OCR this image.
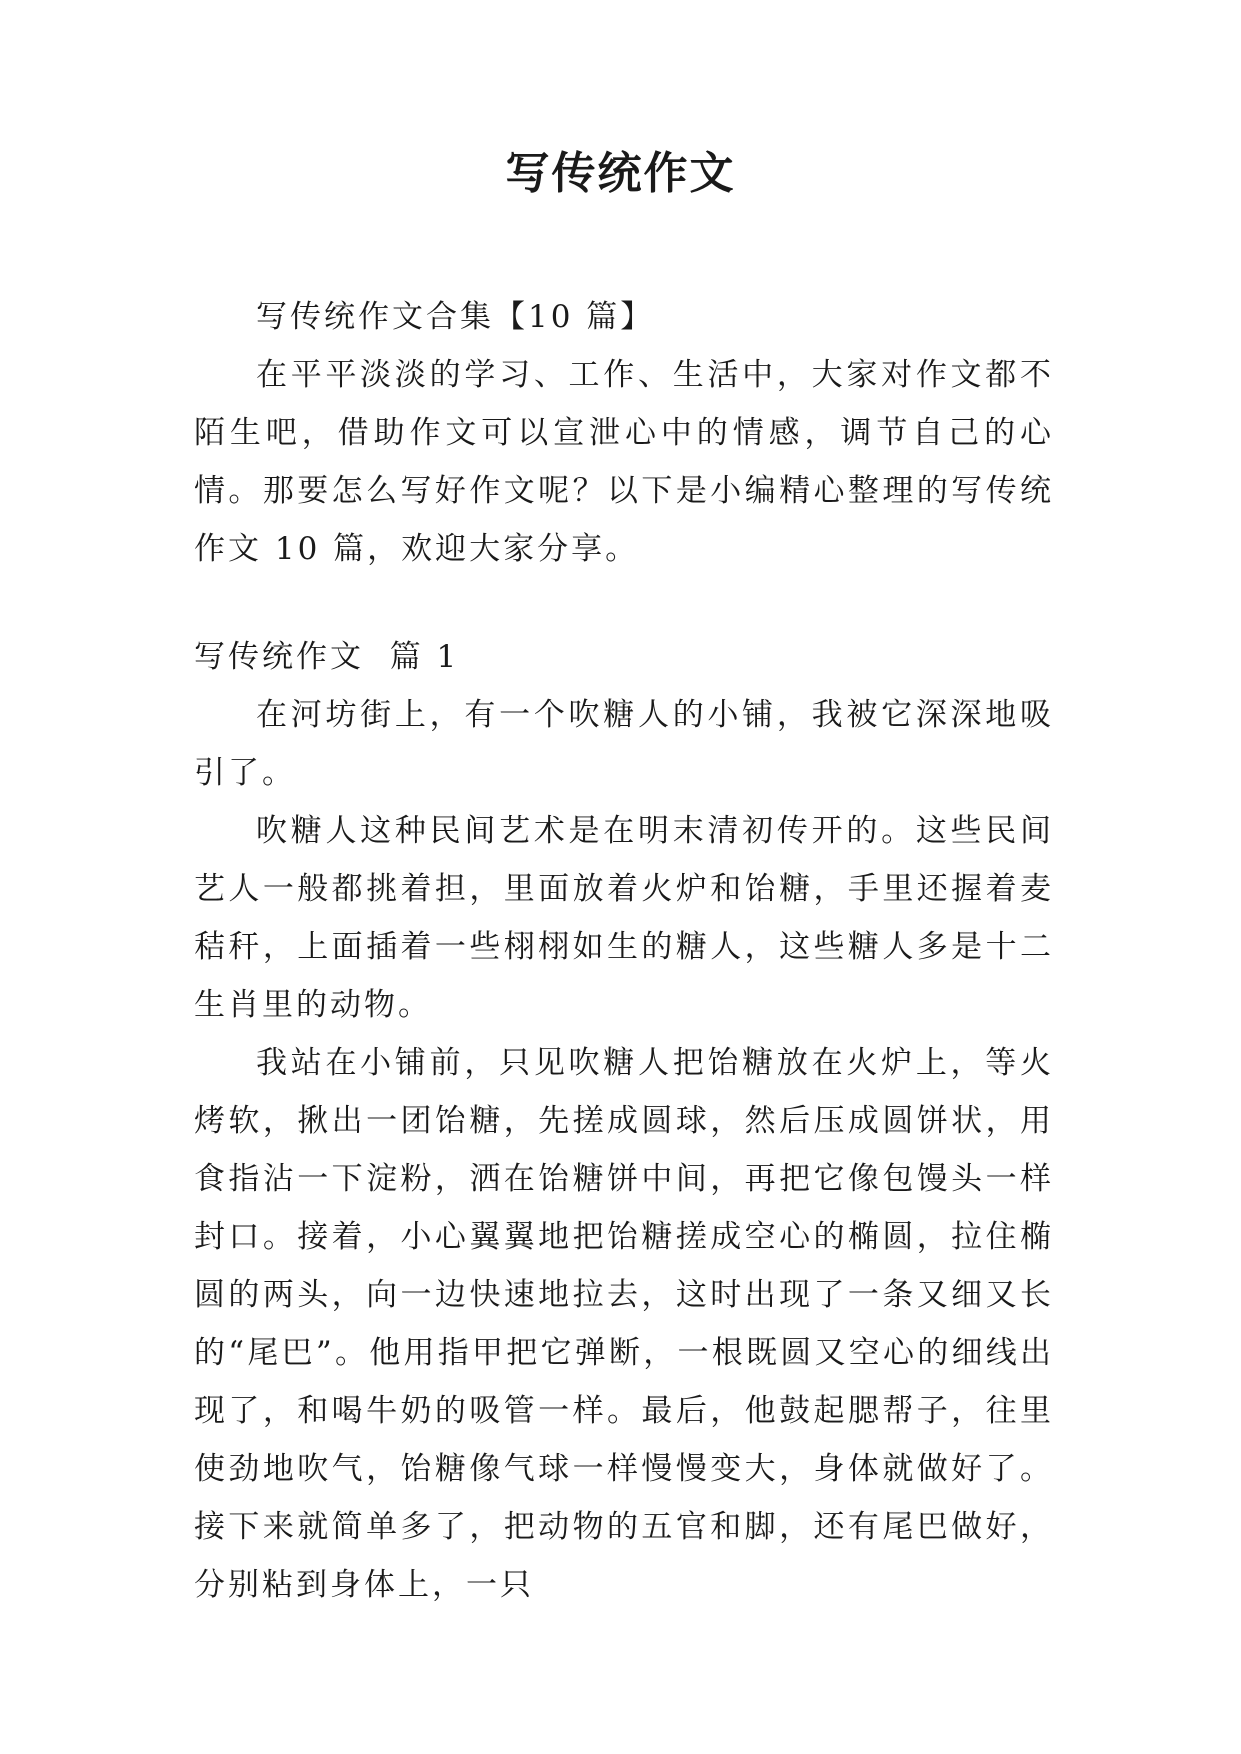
写传统作文

写传统作文合集【10 篇】

在平平淡淡的学习、工作、生活中，大家对作文都不陌生吧，借助作文可以宣泄心中的情感，调节自己的心情。那要怎么写好作文呢？以下是小编精心整理的写传统作文 10 篇，欢迎大家分享。

写传统作文  篇 1

在河坊街上，有一个吹糖人的小铺，我被它深深地吸引了。

吹糖人这种民间艺术是在明末清初传开的。这些民间艺人一般都挑着担，里面放着火炉和饴糖，手里还握着麦秸秆，上面插着一些栩栩如生的糖人，这些糖人多是十二生肖里的动物。

我站在小铺前，只见吹糖人把饴糖放在火炉上，等火烤软，揪出一团饴糖，先搓成圆球，然后压成圆饼状，用食指沾一下淀粉，洒在饴糖饼中间，再把它像包馒头一样封口。接着，小心翼翼地把饴糖搓成空心的椭圆，拉住椭圆的两头，向一边快速地拉去，这时出现了一条又细又长的“尾巴”。他用指甲把它弹断，一根既圆又空心的细线出现了，和喝牛奶的吸管一样。最后，他鼓起腮帮子，往里使劲地吹气，饴糖像气球一样慢慢变大，身体就做好了。接下来就简单多了，把动物的五官和脚，还有尾巴做好，分别粘到身体上，一只
